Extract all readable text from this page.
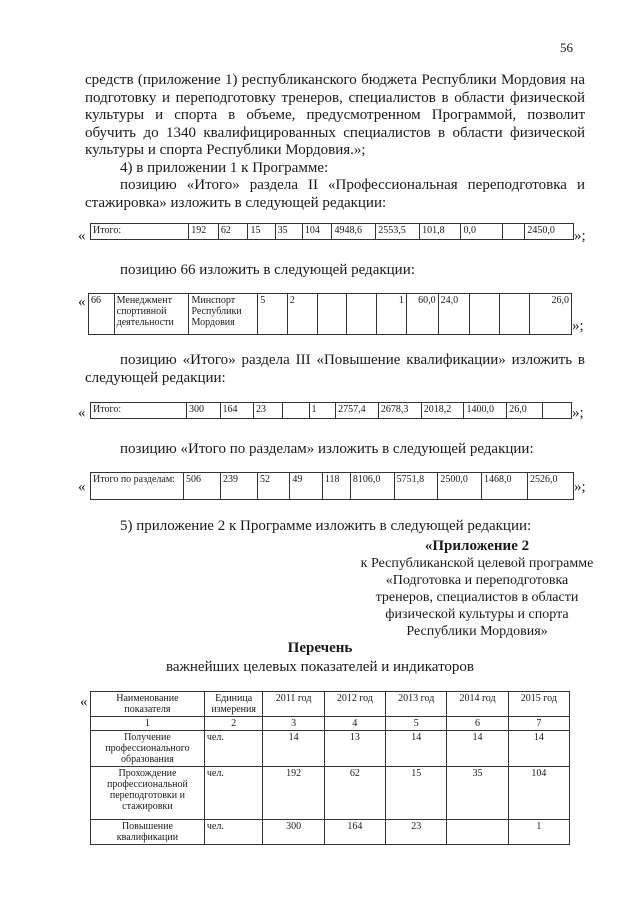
56
средств (приложение 1) республиканского бюджета Республики Мордовия на
подготовку и переподготовку тренеров, специалистов в области физической
культуры и спорта в объеме, предусмотренном Программой, позволит
обучить до 1340 квалифицированных специалистов в области физической
культуры и спорта Республики Мордовия.»;
4) в приложении 1 к Программе:
позицию «Итого» раздела II «Профессиональная переподготовка и
стажировка» изложить в следующей редакции:
« Итого:	192	62	15	35	104	4948,6	2553,5	101,8	0,0		2450,0 »;
позицию 66 изложить в следующей редакции:
« 66	Менеджмент спортивной деятельности	Минспорт Республики Мордовия	5	2			1	60,0	24,0			26,0
»;
позицию «Итого» раздела III «Повышение квалификации» изложить в
следующей редакции:
« Итого:	300	164	23		1	2757,4	2678,3	2018,2	1400,0	26,0		»;
позицию «Итого по разделам» изложить в следующей редакции:
« Итого по разделам:	506	239	52	49	118	8106,0	5751,8	2500,0	1468,0	2526,0 »;
5) приложение 2 к Программе изложить в следующей редакции:
«Приложение 2
к Республиканской целевой программе
«Подготовка и переподготовка
тренеров, специалистов в области
физической культуры и спорта
Республики Мордовия»
Перечень
важнейших целевых показателей и индикаторов
«	Наименование показателя	Единица измерения	2011 год	2012 год	2013 год	2014 год	2015 год
1	2	3	4	5	6	7
Получение профессионального образования	чел.	14	13	14	14	14
Прохождение профессиональной переподготовки и стажировки	чел.	192	62	15	35	104
Повышение квалификации	чел.	300	164	23		1
